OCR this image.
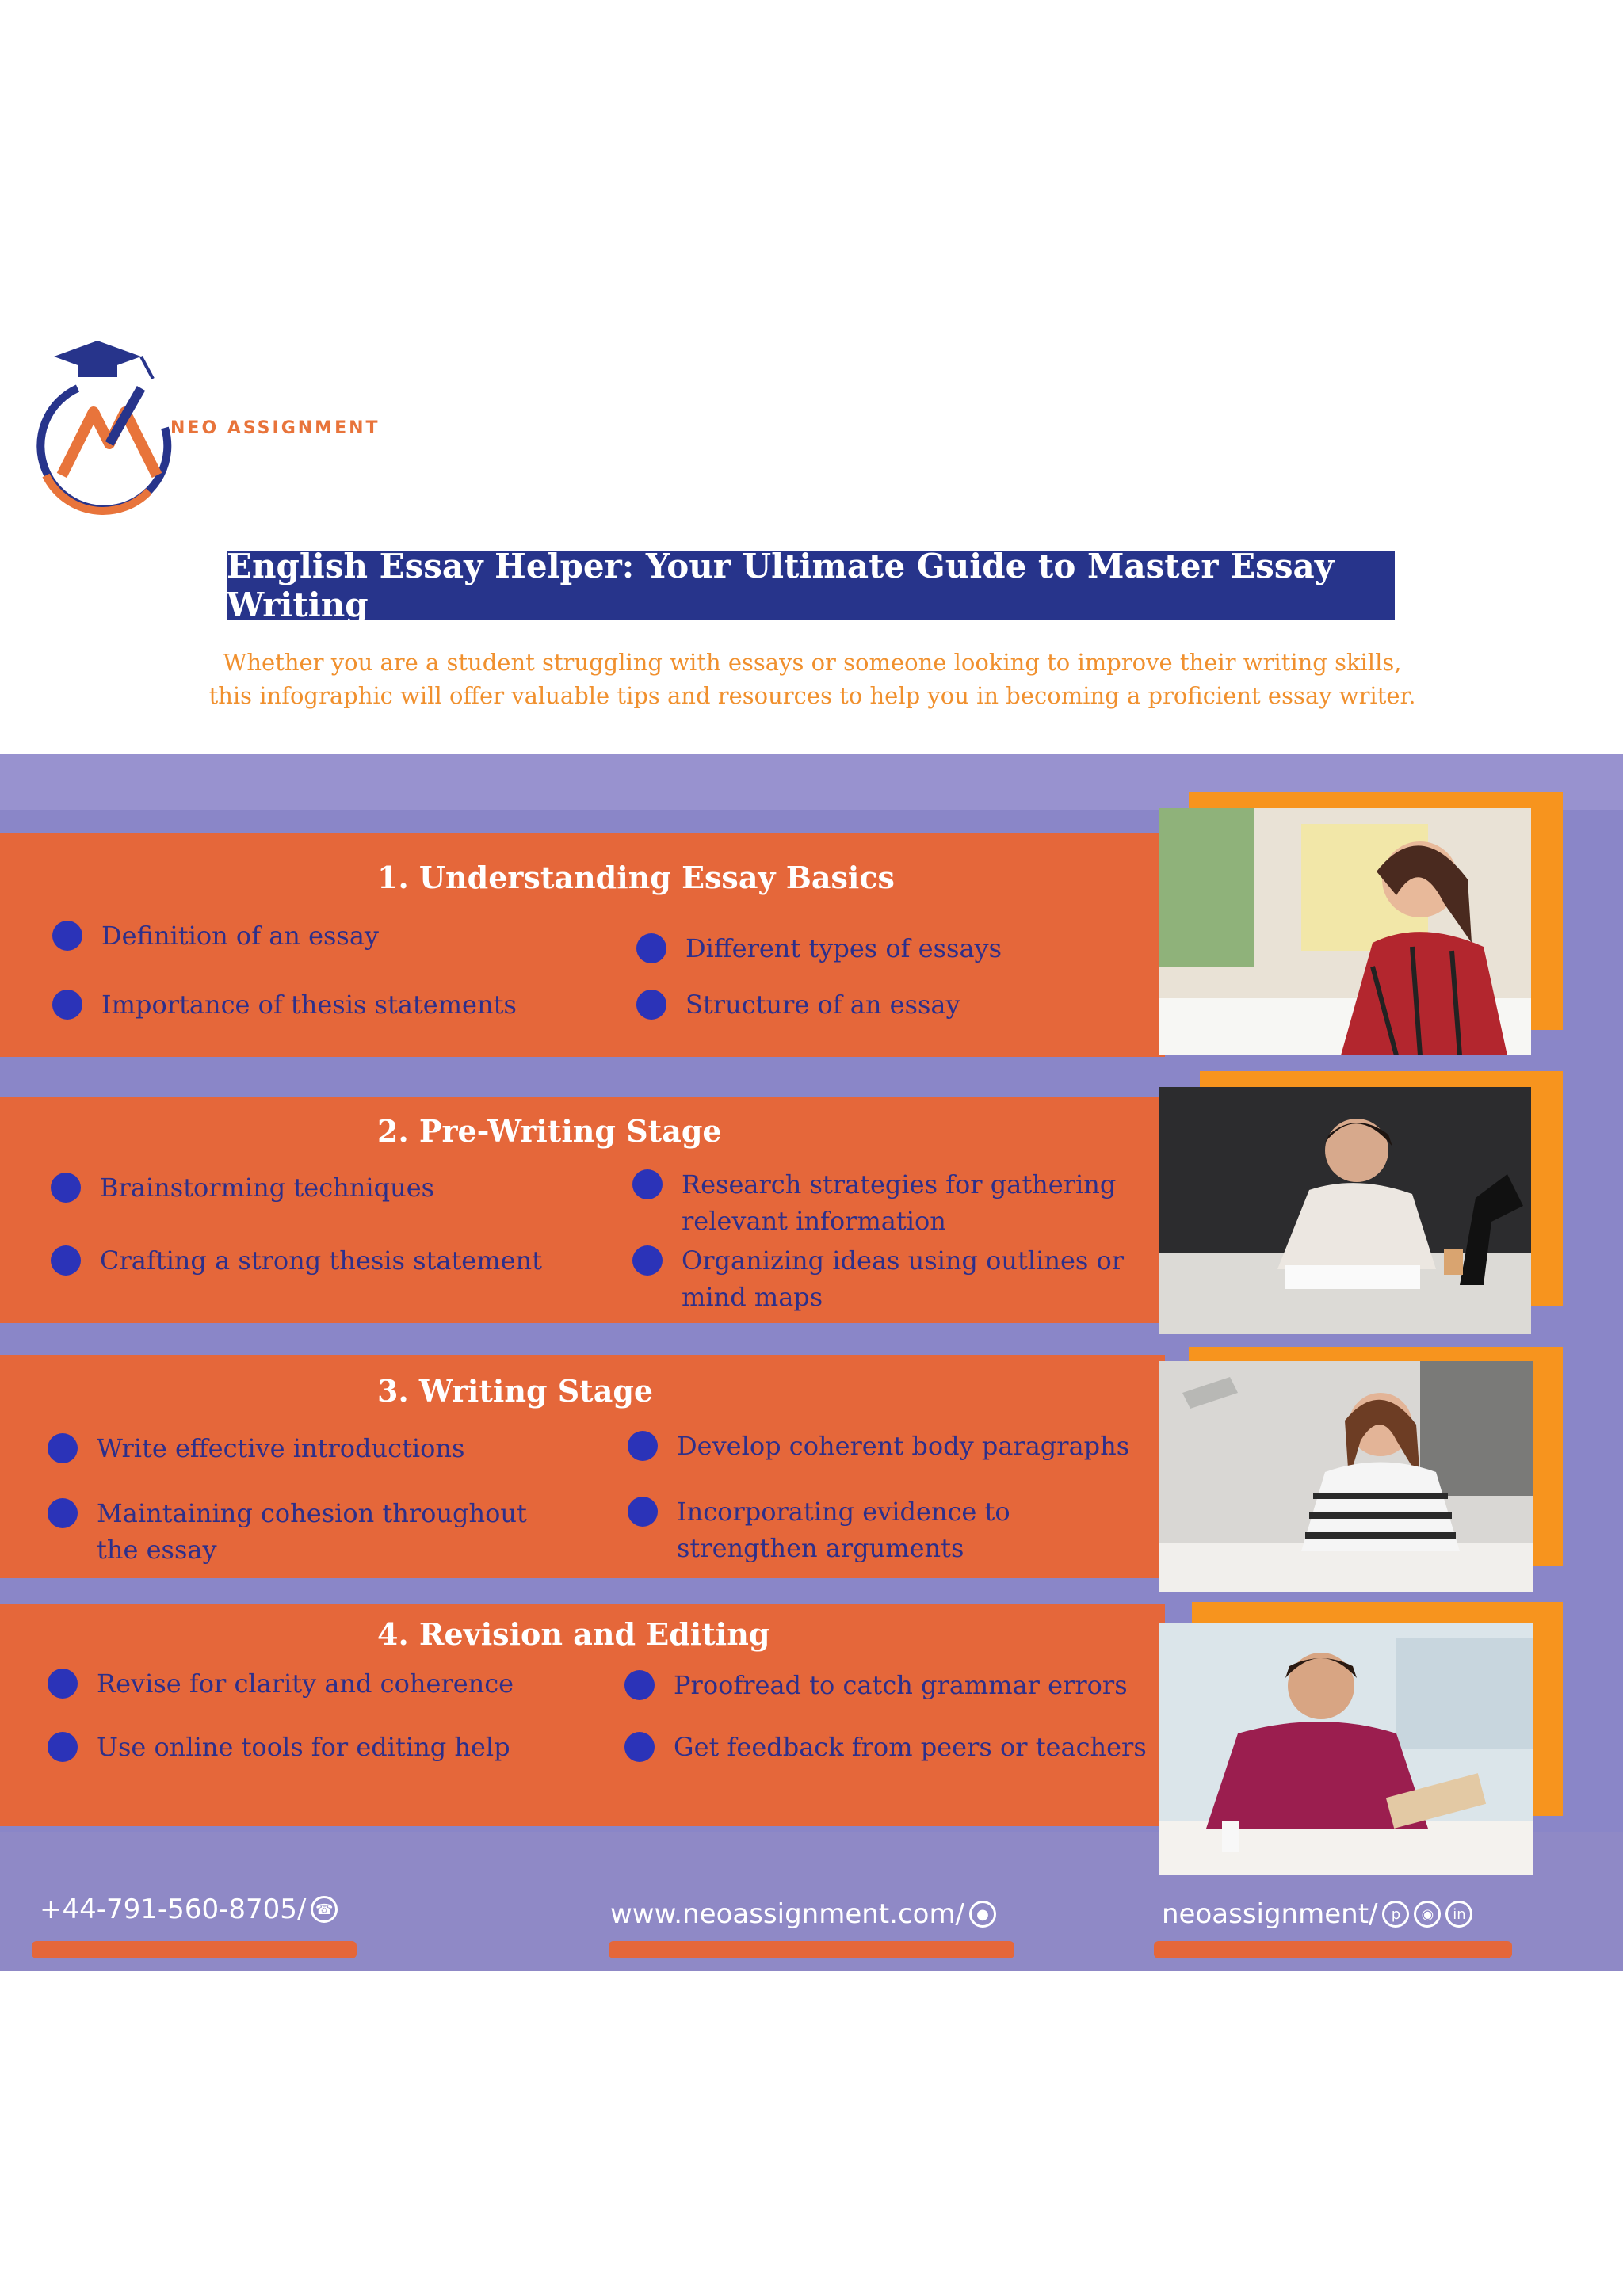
NEO ASSIGNMENT
English Essay Helper: Your Ultimate Guide to Master Essay Writing
Whether you are a student struggling with essays or someone looking to improve their writing skills,
this infographic will offer valuable tips and resources to help you in becoming a proficient essay writer.
1. Understanding Essay Basics
Definition of an essay	Different types of essays
Importance of thesis statements	Structure of an essay
2. Pre-Writing Stage
Brainstorming techniques	Research strategies for gathering relevant information
Crafting a strong thesis statement	Organizing ideas using outlines or mind maps
3. Writing Stage
Write effective introductions	Develop coherent body paragraphs
Maintaining cohesion throughout the essay
Incorporating evidence to strengthen arguments
4. Revision and Editing
Revise for clarity and coherence	Proofread to catch grammar errors
Use online tools for editing help	Get feedback from peers or teachers
+44-791-560-8705/ ☎	www.neoassignment.com/ ●	neoassignment/ p	◉	in
